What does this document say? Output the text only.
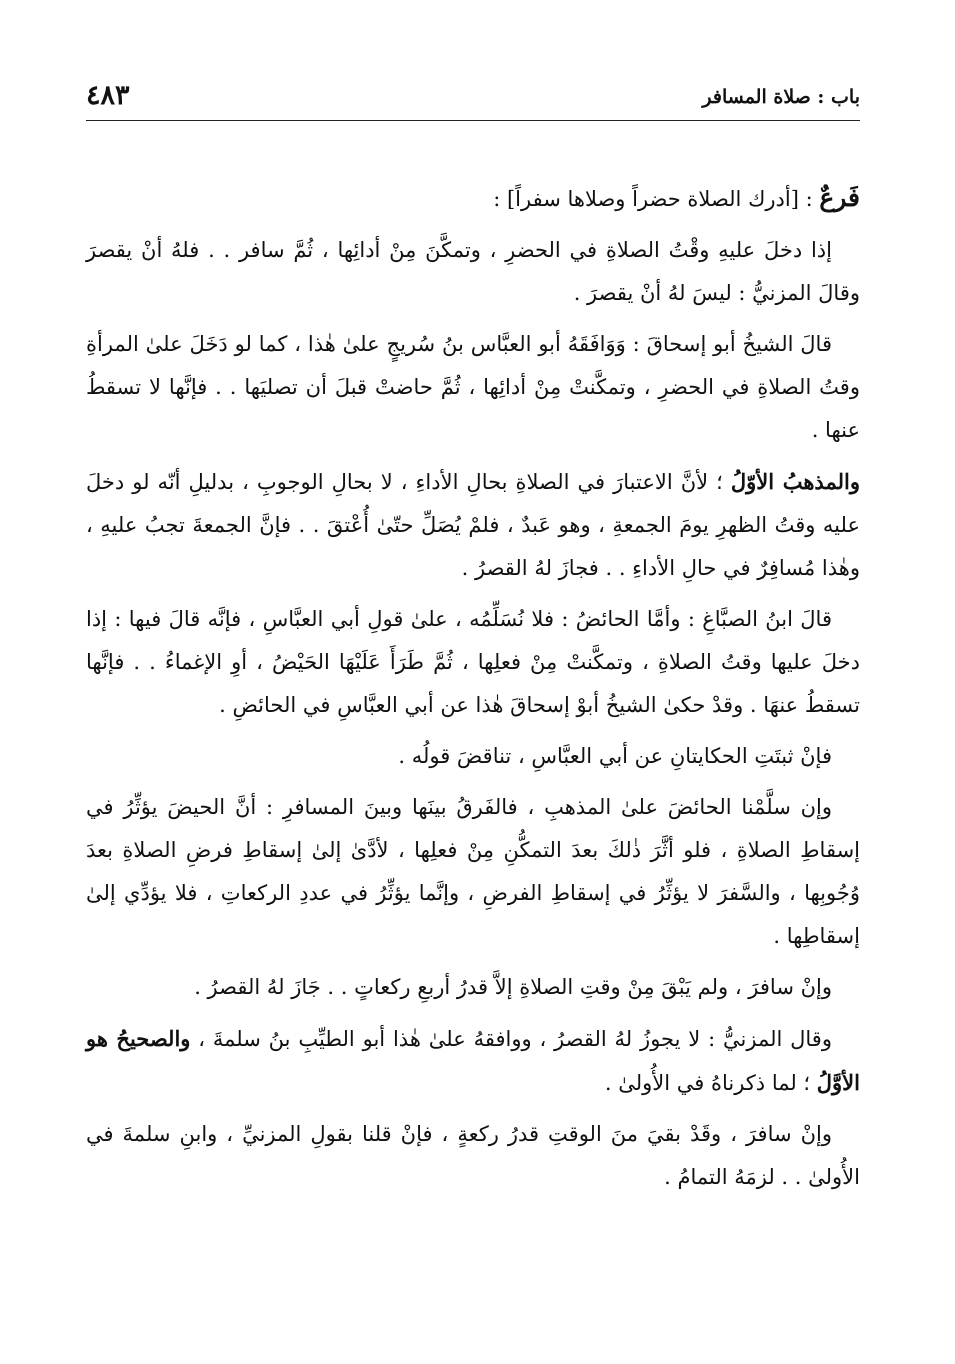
باب : صلاة المسافر
٤٨٣

فَرعٌ : [أدرك الصلاة حضراً وصلاها سفراً] :

إذا دخلَ عليهِ وقْتُ الصلاةِ في الحضرِ ، وتمكَّنَ مِنْ أدائِها ، ثُمَّ سافر . . فلهُ أنْ يقصرَ وقالَ المزنيُّ : ليسَ لهُ أنْ يقصرَ .

قالَ الشيخُ أبو إسحاقَ : وَوَافَقَهُ أبو العبَّاس بنُ سُريجٍ علىٰ هٰذا ، كما لو دَخَلَ علىٰ المرأةِ وقتُ الصلاةِ في الحضرِ ، وتمكَّنتْ مِنْ أدائِها ، ثُمَّ حاضتْ قبلَ أن تصليَها . . فإنَّها لا تسقطُ عنها .

والمذهبُ الأوّلُ ؛ لأنَّ الاعتبارَ في الصلاةِ بحالِ الأداءِ ، لا بحالِ الوجوبِ ، بدليلِ أنّه لو دخلَ عليه وقتُ الظهرِ يومَ الجمعةِ ، وهو عَبدٌ ، فلمْ يُصَلِّ حتّىٰ أُعْتقَ . . فإنَّ الجمعةَ تجبُ عليهِ ، وهٰذا مُسافِرٌ في حالِ الأداءِ . . فجازَ لهُ القصرُ .

قالَ ابنُ الصبَّاغِ : وأمَّا الحائضُ : فلا نُسَلِّمُه ، علىٰ قولِ أبي العبَّاسِ ، فإنَّه قالَ فيها : إذا دخلَ عليها وقتُ الصلاةِ ، وتمكَّنتْ مِنْ فعلِها ، ثُمَّ طَرَأَ عَلَيْهَا الحَيْضُ ، أوِ الإغماءُ . . فإنَّها تسقطُ عنهَا . وقدْ حكىٰ الشيخُ أبوْ إسحاقَ هٰذا عن أبي العبَّاسِ في الحائضِ .

فإنْ ثبتَتِ الحكايتانِ عن أبي العبَّاسِ ، تناقضَ قولُه .

وإن سلَّمْنا الحائضَ علىٰ المذهبِ ، فالفَرقُ بينَها وبينَ المسافرِ : أنَّ الحيضَ يؤثِّرُ في إسقاطِ الصلاةِ ، فلو أثَّرَ ذٰلكَ بعدَ التمكُّنِ مِنْ فعلِها ، لأدَّىٰ إلىٰ إسقاطِ فرضِ الصلاةِ بعدَ وُجُوبِها ، والسَّفرَ لا يؤثِّرُ في إسقاطِ الفرضِ ، وإنَّما يؤثِّرُ في عددِ الركعاتِ ، فلا يؤدِّي إلىٰ إسقاطِها .

وإنْ سافرَ ، ولم يَبْقَ مِنْ وقتِ الصلاةِ إلاَّ قدرُ أربعِ ركعاتٍ . . جَازَ لهُ القصرُ .

وقال المزنيُّ : لا يجوزُ لهُ القصرُ ، ووافقهُ علىٰ هٰذا أبو الطيِّبِ بنُ سلمةَ ، والصحيحُ هو الأوَّلُ ؛ لما ذكرناهُ في الأُولىٰ .

وإنْ سافرَ ، وقَدْ بقيَ منَ الوقتِ قدرُ ركعةٍ ، فإنْ قلنا بقولِ المزنيِّ ، وابنِ سلمةَ في الأُولىٰ . . لزمَهُ التمامُ .
